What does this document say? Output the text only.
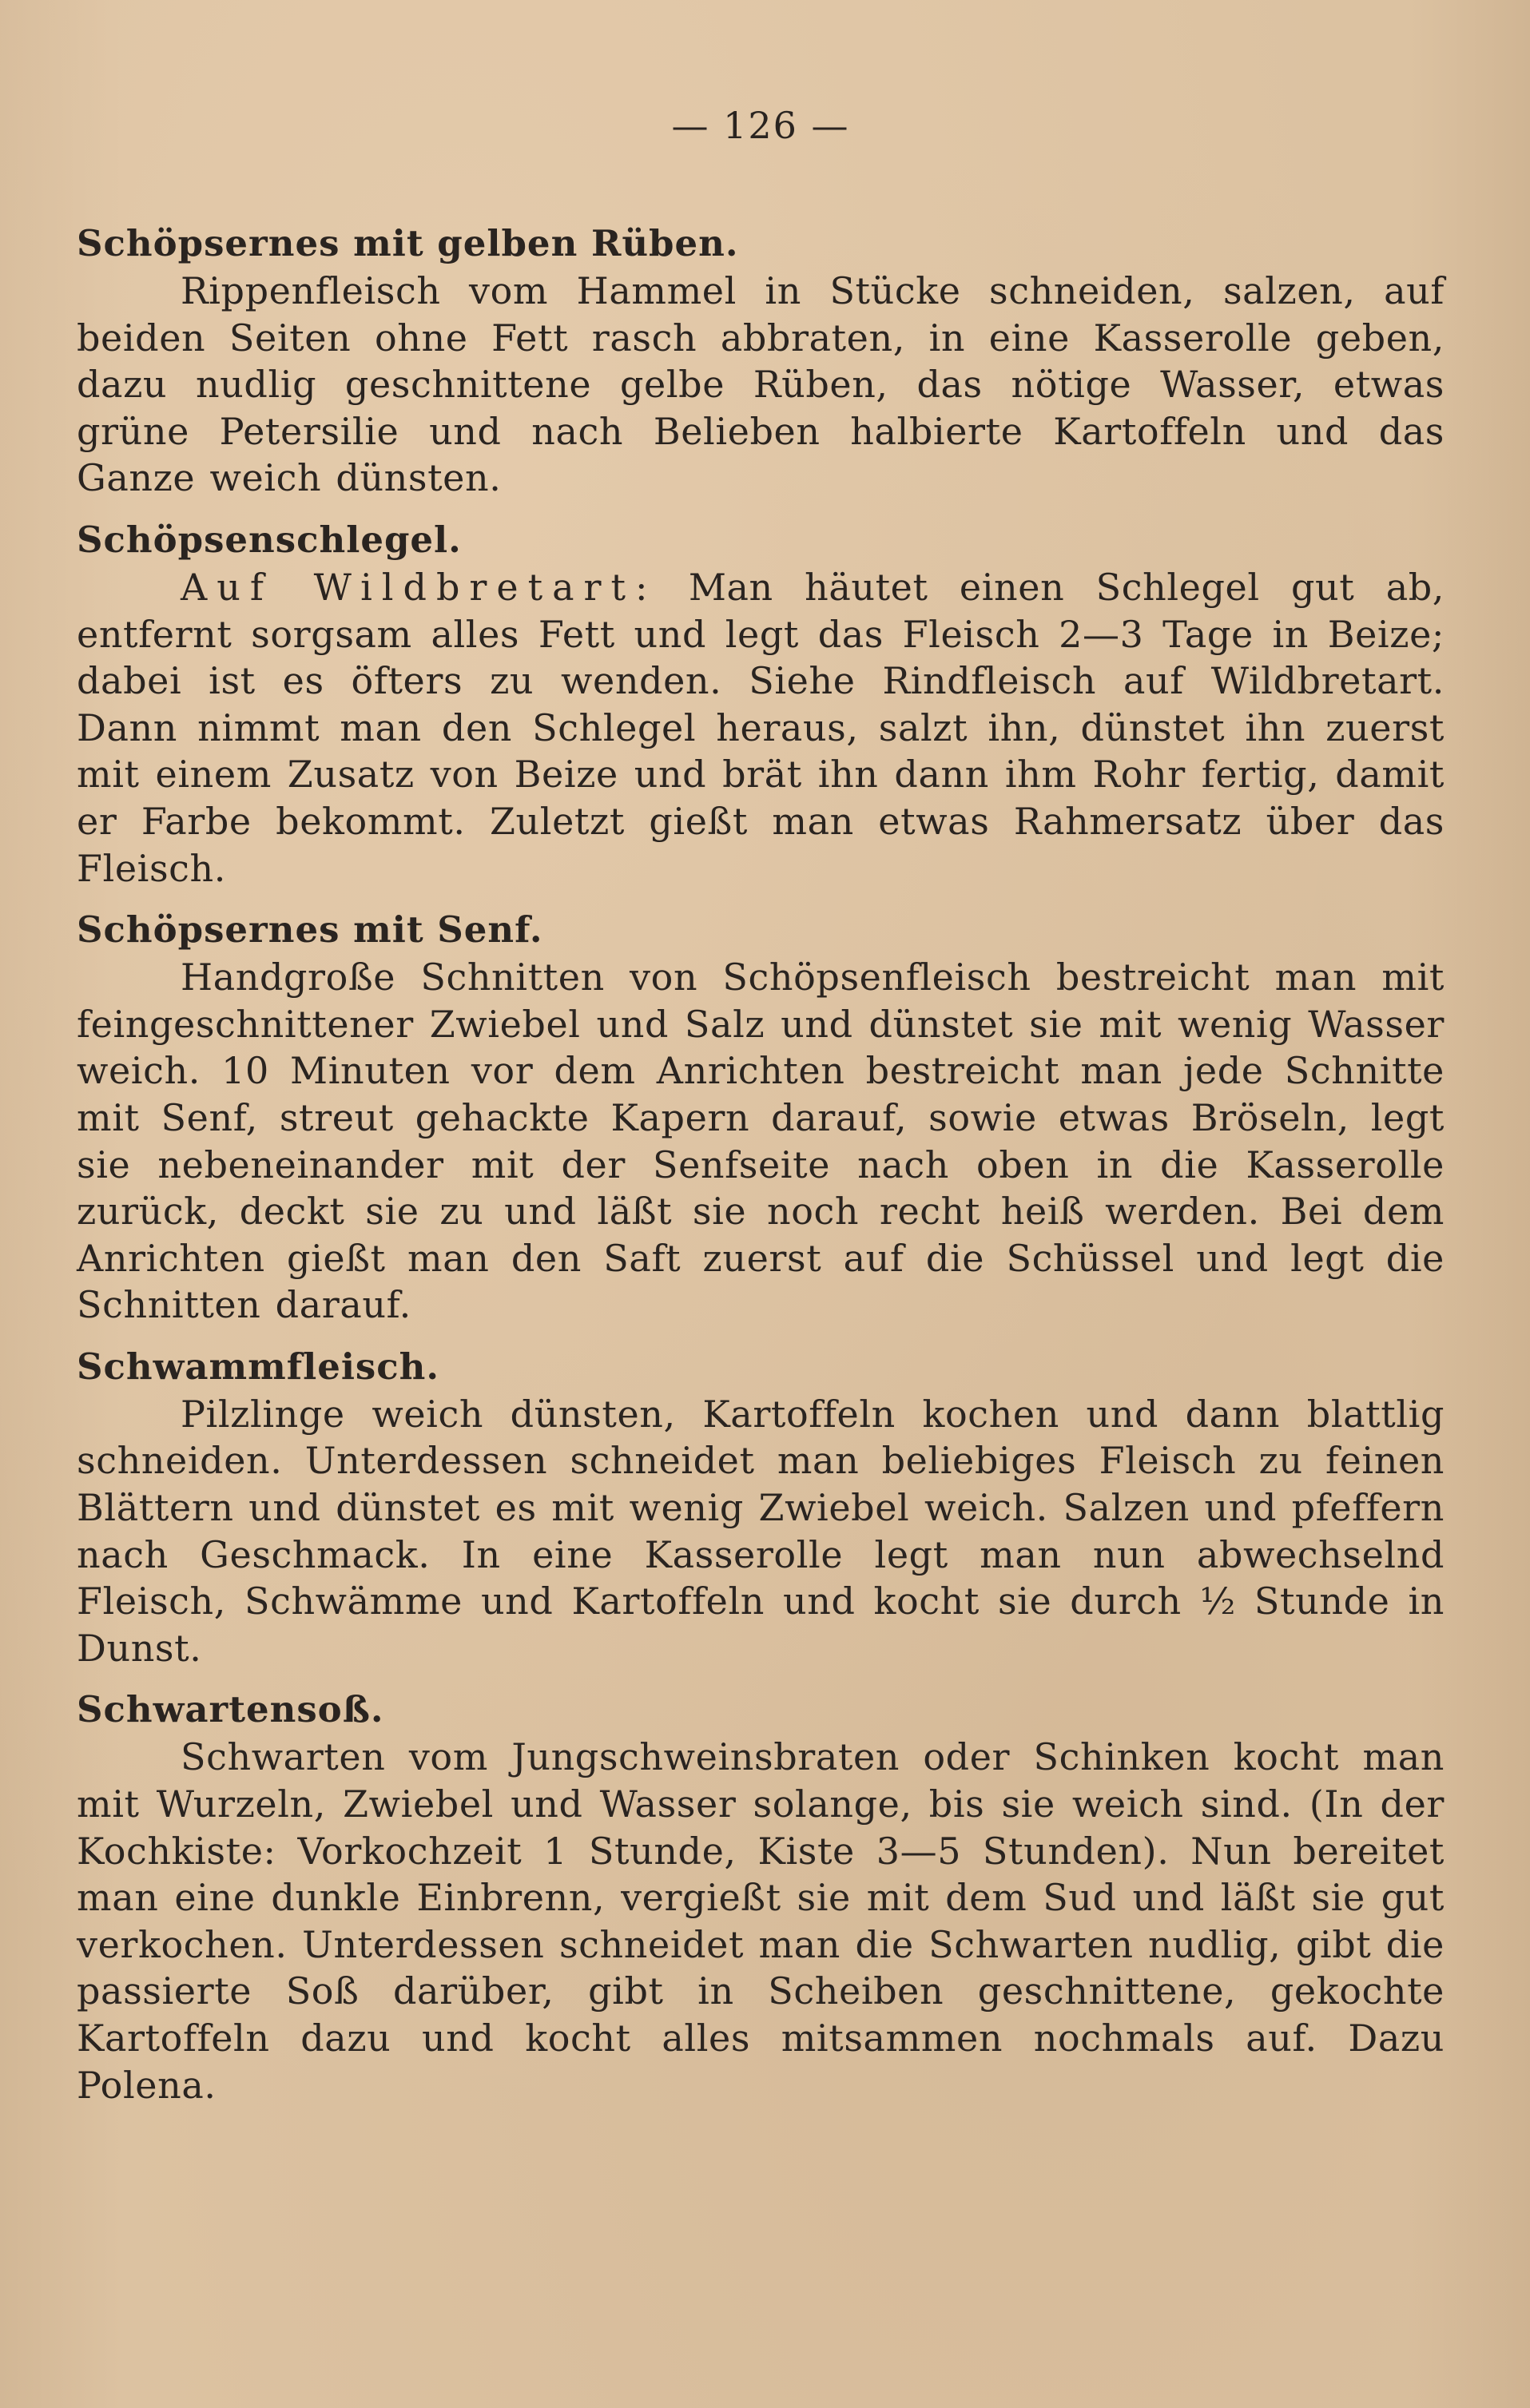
— 126 —

Schöpsernes mit gelben Rüben.

Rippenfleisch vom Hammel in Stücke schneiden, salzen, auf beiden Seiten ohne Fett rasch abbraten, in eine Kasserolle geben, dazu nudlig geschnittene gelbe Rüben, das nötige Wasser, etwas grüne Petersilie und nach Belieben halbierte Kartoffeln und das Ganze weich dünsten.

Schöpsenschlegel.

Auf Wildbretart: Man häutet einen Schlegel gut ab, entfernt sorgsam alles Fett und legt das Fleisch 2—3 Tage in Beize; dabei ist es öfters zu wenden. Siehe Rindfleisch auf Wildbretart. Dann nimmt man den Schlegel heraus, salzt ihn, dünstet ihn zuerst mit einem Zusatz von Beize und brät ihn dann ihm Rohr fertig, damit er Farbe bekommt. Zuletzt gießt man etwas Rahmersatz über das Fleisch.

Schöpsernes mit Senf.

Handgroße Schnitten von Schöpsenfleisch bestreicht man mit feingeschnittener Zwiebel und Salz und dünstet sie mit wenig Wasser weich. 10 Minuten vor dem Anrichten bestreicht man jede Schnitte mit Senf, streut gehackte Kapern darauf, sowie etwas Bröseln, legt sie nebeneinander mit der Senfseite nach oben in die Kasserolle zurück, deckt sie zu und läßt sie noch recht heiß werden. Bei dem Anrichten gießt man den Saft zuerst auf die Schüssel und legt die Schnitten darauf.

Schwammfleisch.

Pilzlinge weich dünsten, Kartoffeln kochen und dann blattlig schneiden. Unterdessen schneidet man beliebiges Fleisch zu feinen Blättern und dünstet es mit wenig Zwiebel weich. Salzen und pfeffern nach Geschmack. In eine Kasserolle legt man nun abwechselnd Fleisch, Schwämme und Kartoffeln und kocht sie durch ½ Stunde in Dunst.

Schwartensoß.

Schwarten vom Jungschweinsbraten oder Schinken kocht man mit Wurzeln, Zwiebel und Wasser solange, bis sie weich sind. (In der Kochkiste: Vorkochzeit 1 Stunde, Kiste 3—5 Stunden). Nun bereitet man eine dunkle Einbrenn, vergießt sie mit dem Sud und läßt sie gut verkochen. Unterdessen schneidet man die Schwarten nudlig, gibt die passierte Soß darüber, gibt in Scheiben geschnittene, gekochte Kartoffeln dazu und kocht alles mitsammen nochmals auf. Dazu Polena.
